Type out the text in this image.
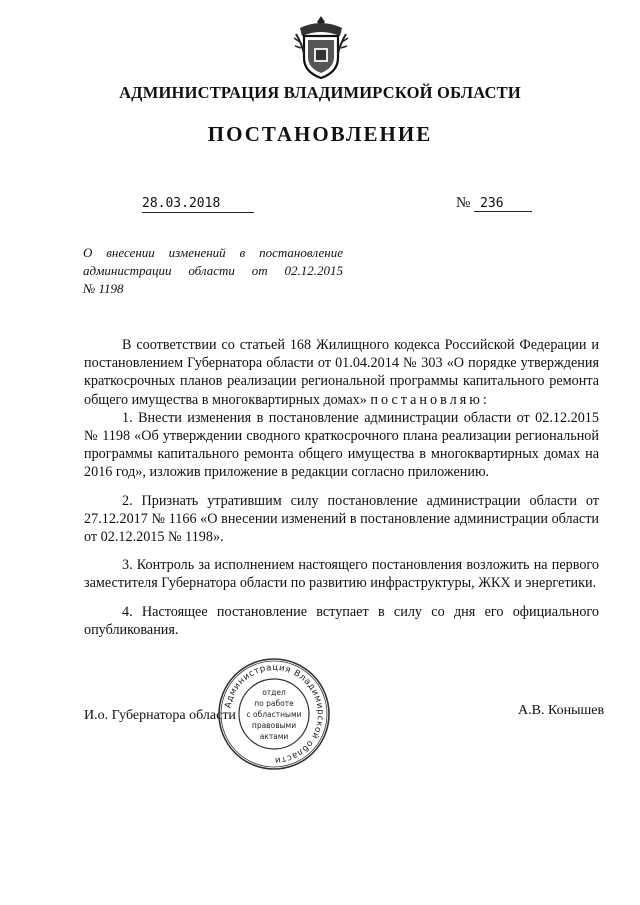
АДМИНИСТРАЦИЯ ВЛАДИМИРСКОЙ ОБЛАСТИ
ПОСТАНОВЛЕНИЕ
28.03.2018	№ 236
О внесении изменений в постановление
администрации области от 02.12.2015
№ 1198

В соответствии со статьей 168 Жилищного кодекса Российской Федерации и постановлением Губернатора области от 01.04.2014 № 303 «О порядке утверждения краткосрочных планов реализации региональной программы капитального ремонта общего имущества в многоквартирных домах» постановляю:

1. Внести изменения в постановление администрации области от 02.12.2015 № 1198 «Об утверждении сводного краткосрочного плана реализации региональной программы капитального ремонта общего имущества в многоквартирных домах на 2016 год», изложив приложение в редакции согласно приложению.

2. Признать утратившим силу постановление администрации области от 27.12.2017 № 1166 «О внесении изменений в постановление администрации области от 02.12.2015 № 1198».

3. Контроль за исполнением настоящего постановления возложить на первого заместителя Губернатора области по развитию инфраструктуры, ЖКХ и энергетики.

4. Настоящее постановление вступает в силу со дня его официального опубликования.

И.о. Губернатора области	А.В. Конышев
Администрация Владимирской области
отдел
по работе
с областными
правовыми
актами
